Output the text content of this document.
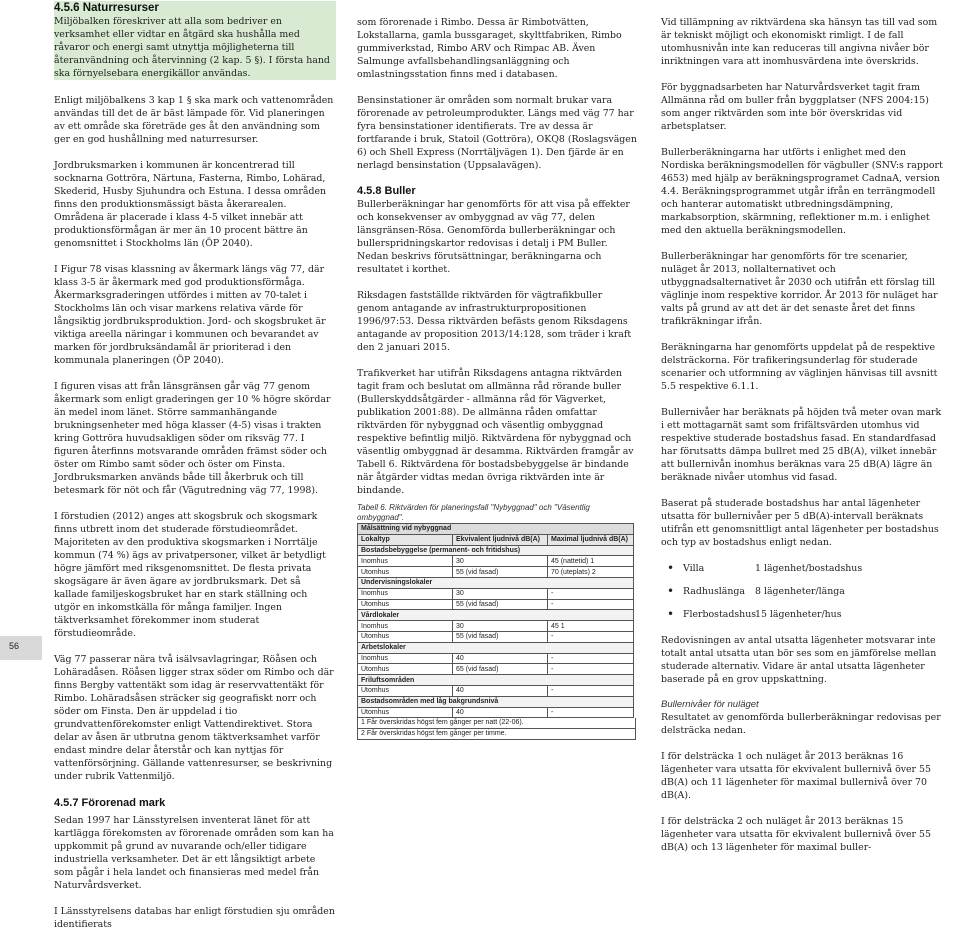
4.5.6 Naturresurser

Miljöbalken föreskriver att alla som bedriver en verksamhet eller vidtar en åtgärd ska hushålla med råvaror och energi samt utnyttja möjligheterna till återanvändning och återvinning (2 kap. 5 §). I första hand ska förnyelsebara energikällor användas.

Enligt miljöbalkens 3 kap 1 § ska mark och vattenområden användas till det de är bäst lämpade för. Vid planeringen av ett område ska företräde ges åt den användning som ger en god hushållning med naturresurser.

Jordbruksmarken i kommunen är koncentrerad till socknarna Gottröra, Närtuna, Fasterna, Rimbo, Lohärad, Skederid, Husby Sjuhundra och Estuna. I dessa områden finns den produktionsmässigt bästa åkerarealen. Områdena är placerade i klass 4-5 vilket innebär att produktionsförmågan är mer än 10 procent bättre än genomsnittet i Stockholms län (ÖP 2040).

I Figur 78 visas klassning av åkermark längs väg 77, där klass 3-5 är åkermark med god produktionsförmåga. Åkermarksgraderingen utfördes i mitten av 70-talet i Stockholms län och visar markens relativa värde för långsiktig jordbruksproduktion. Jord- och skogsbruket är viktiga areella näringar i kommunen och bevarandet av marken för jordbruksändamål är prioriterad i den kommunala planeringen (ÖP 2040).

I figuren visas att från länsgränsen går väg 77 genom åkermark som enligt graderingen ger 10 % högre skördar än medel inom länet. Större sammanhängande brukningsenheter med höga klasser (4-5) visas i trakten kring Gottröra huvudsakligen söder om riksväg 77. I figuren återfinns motsvarande områden främst söder och öster om Rimbo samt söder och öster om Finsta. Jordbruksmarken används både till åkerbruk och till betesmark för nöt och får (Vägutredning väg 77, 1998).

I förstudien (2012) anges att skogsbruk och skogsmark finns utbrett inom det studerade förstudieområdet. Majoriteten av den produktiva skogsmarken i Norrtälje kommun (74 %) ägs av privatpersoner, vilket är betydligt högre jämfört med riksgenomsnittet. De flesta privata skogsägare är även ägare av jordbruksmark. Det så kallade familjeskogsbruket har en stark ställning och utgör en inkomstkälla för många familjer. Ingen täktverksamhet förekommer inom studerat förstudieområde.

Väg 77 passerar nära två isälvsavlagringar, Röåsen och Lohäradåsen. Röåsen ligger strax söder om Rimbo och där finns Bergby vattentäkt som idag är reservvattentäkt för Rimbo. Lohäradsåsen sträcker sig geografiskt norr och söder om Finsta. Den är uppdelad i tio grundvattenförekomster enligt Vattendirektivet. Stora delar av åsen är utbrutna genom täktverksamhet varför endast mindre delar återstår och kan nyttjas för vattenförsörjning. Gällande vattenresurser, se beskrivning under rubrik Vattenmiljö.

4.5.7 Förorenad mark

Sedan 1997 har Länsstyrelsen inventerat länet för att kartlägga förekomsten av förorenade områden som kan ha uppkommit på grund av nuvarande och/eller tidigare industriella verksamheter. Det är ett långsiktigt arbete som pågår i hela landet och finansieras med medel från Naturvårdsverket.

I Länsstyrelsens databas har enligt förstudien sju områden identifierats

som förorenade i Rimbo. Dessa är Rimbotvätten, Lokstallarna, gamla bussgaraget, skylttfabriken, Rimbo gummiverkstad, Rimbo ARV och Rimpac AB. Även Salmunge avfallsbehandlingsanläggning och omlastningsstation finns med i databasen.

Bensinstationer är områden som normalt brukar vara förorenade av petroleumprodukter. Längs med väg 77 har fyra bensinstationer identifierats. Tre av dessa är fortfarande i bruk, Statoil (Gottröra), OKQ8 (Roslagsvägen 6) och Shell Express (Norrtäljvägen 1). Den fjärde är en nerlagd bensinstation (Uppsalavägen).

4.5.8 Buller

Bullerberäkningar har genomförts för att visa på effekter och konsekvenser av ombyggnad av väg 77, delen länsgränsen-Rösa. Genomförda bullerberäkningar och bullerspridningskartor redovisas i detalj i PM Buller. Nedan beskrivs förutsättningar, beräkningarna och resultatet i korthet.

Riksdagen fastställde riktvärden för vägtrafikbuller genom antagande av infrastrukturpropositionen 1996/97:53. Dessa riktvärden befästs genom Riksdagens antagande av proposition 2013/14:128, som träder i kraft den 2 januari 2015.

Trafikverket har utifrån Riksdagens antagna riktvärden tagit fram och beslutat om allmänna råd rörande buller (Bullerskyddsåtgärder - allmänna råd för Vägverket, publikation 2001:88). De allmänna råden omfattar riktvärden för nybyggnad och väsentlig ombyggnad respektive befintlig miljö. Riktvärdena för nybyggnad och väsentlig ombyggnad är desamma. Riktvärden framgår av Tabell 6. Riktvärdena för bostadsbebyggelse är bindande när åtgärder vidtas medan övriga riktvärden inte är bindande.

Tabell 6. Riktvärden för planeringsfall "Nybyggnad" och "Väsentlig ombyggnad".
Målsättning vid nybyggnad		
Lokaltyp	Ekvivalent ljudnivå dB(A)	Maximal ljudnivå dB(A)
Bostadsbebyggelse (permanent- och fritidshus)		
Inomhus	30	45 (nattetid) 1
Utomhus	55 (vid fasad)	70 (uteplats) 2
Undervisningslokaler		
Inomhus	30	-
Utomhus	55 (vid fasad)	-
Vårdlokaler		
Inomhus	30	45 1
Utomhus	55 (vid fasad)	-
Arbetslokaler		
Inomhus	40	-
Utomhus	65 (vid fasad)	-
Friluftsområden		
Utomhus	40	-
Bostadsområden med låg bakgrundsnivå		
Utomhus	40	-
1 Får överskridas högst fem gånger per natt (22-06).
2 Får överskridas högst fem gånger per timme.

Vid tillämpning av riktvärdena ska hänsyn tas till vad som är tekniskt möjligt och ekonomiskt rimligt. I de fall utomhusnivån inte kan reduceras till angivna nivåer bör inriktningen vara att inomhusvärdena inte överskrids.

För byggnadsarbeten har Naturvårdsverket tagit fram Allmänna råd om buller från byggplatser (NFS 2004:15) som anger riktvärden som inte bör överskridas vid arbetsplatser.

Bullerberäkningarna har utförts i enlighet med den Nordiska beräkningsmodellen för vägbuller (SNV:s rapport 4653) med hjälp av beräkningsprogramet CadnaA, version 4.4. Beräkningsprogrammet utgår ifrån en terrängmodell och hanterar automatiskt utbredningsdämpning, markabsorption, skärmning, reflektioner m.m. i enlighet med den aktuella beräkningsmodellen.

Bullerberäkningar har genomförts för tre scenarier, nuläget år 2013, nollalternativet och utbyggnadsalternativet år 2030 och utifrån ett förslag till väglinje inom respektive korridor. År 2013 för nuläget har valts på grund av att det är det senaste året det finns trafikräkningar ifrån.

Beräkningarna har genomförts uppdelat på de respektive delsträckorna. För trafikeringsunderlag för studerade scenarier och utformning av väglinjen hänvisas till avsnitt 5.5 respektive 6.1.1.

Bullernivåer har beräknats på höjden två meter ovan mark i ett mottagarnät samt som frifältsvärden utomhus vid respektive studerade bostadshus fasad. En standardfasad har förutsatts dämpa bullret med 25 dB(A), vilket innebär att bullernivån inomhus beräknas vara 25 dB(A) lägre än beräknade nivåer utomhus vid fasad.

Baserat på studerade bostadshus har antal lägenheter utsatta för bullernivåer per 5 dB(A)-intervall beräknats utifrån ett genomsnittligt antal lägenheter per bostadshus och typ av bostadshus enligt nedan.

• Villa	1 lägenhet/bostadshus
• Radhuslänga 8 lägenheter/länga
• Flerbostadshus15 lägenheter/hus

Redovisningen av antal utsatta lägenheter motsvarar inte totalt antal utsatta utan bör ses som en jämförelse mellan studerade alternativ. Vidare är antal utsatta lägenheter baserade på en grov uppskattning.

Bullernivåer för nuläget

Resultatet av genomförda bullerberäkningar redovisas per delsträcka nedan.

I för delsträcka 1 och nuläget år 2013 beräknas 16 lägenheter vara utsatta för ekvivalent bullernivå över 55 dB(A) och 11 lägenheter för maximal bullernivå över 70 dB(A).

I för delsträcka 2 och nuläget år 2013 beräknas 15 lägenheter vara utsatta för ekvivalent bullernivå över 55 dB(A) och 13 lägenheter för maximal buller-

56
